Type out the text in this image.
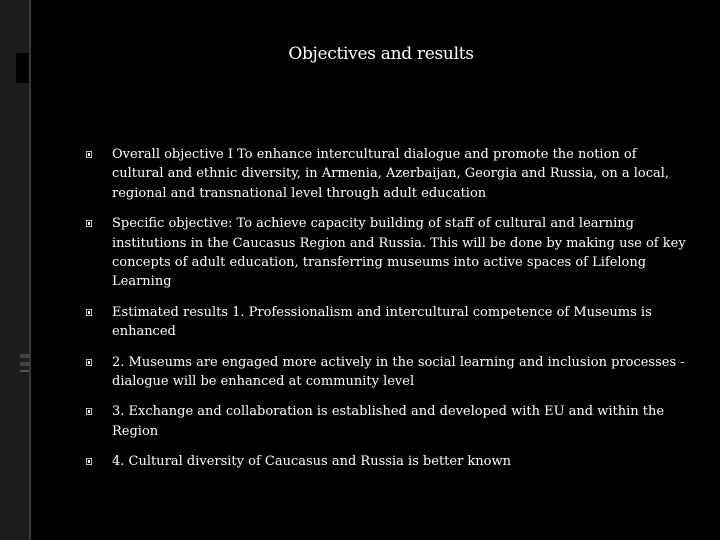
Objectives and results
Overall objective I To enhance intercultural dialogue and promote the notion of cultural and ethnic diversity, in Armenia, Azerbaijan, Georgia and Russia, on a local, regional and transnational level through adult education
Specific objective: To achieve capacity building of staff of cultural and learning institutions in the Caucasus Region and Russia. This will be done by making use of key concepts of adult education, transferring museums into active spaces of Lifelong Learning
Estimated results 1. Professionalism and intercultural competence of Museums is enhanced
2. Museums are engaged more actively in the social learning and inclusion processes - dialogue will be enhanced at community level
3. Exchange and collaboration is established and developed with EU and within the Region
4. Cultural diversity of Caucasus and Russia is better known
